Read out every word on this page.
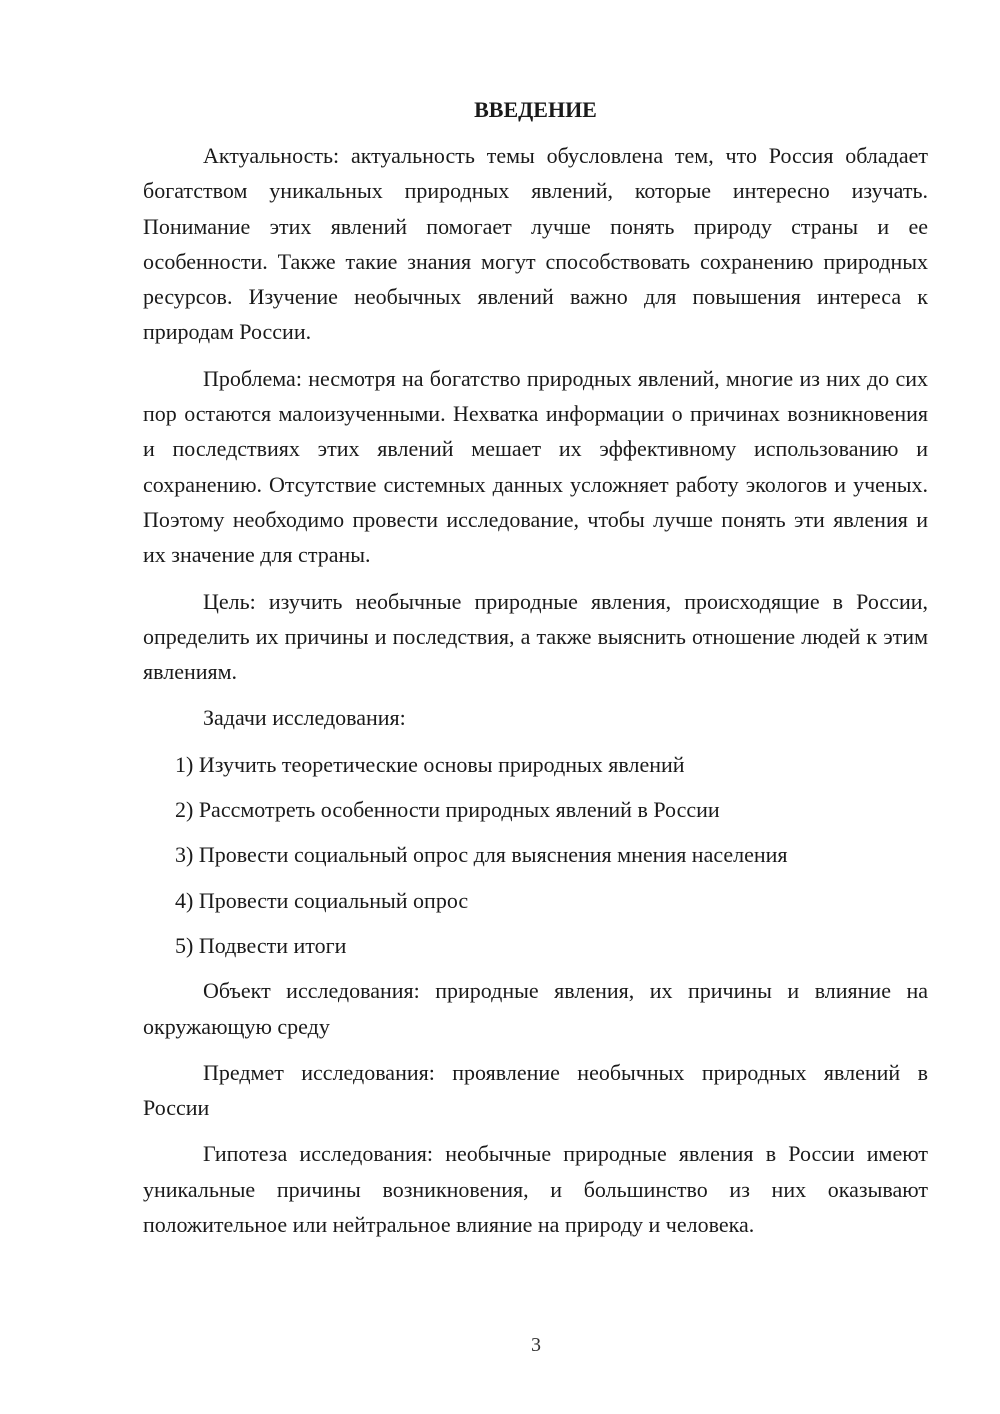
ВВЕДЕНИЕ

Актуальность: актуальность темы обусловлена тем, что Россия обладает богатством уникальных природных явлений, которые интересно изучать. Понимание этих явлений помогает лучше понять природу страны и ее особенности. Также такие знания могут способствовать сохранению природных ресурсов. Изучение необычных явлений важно для повышения интереса к природам России.

Проблема: несмотря на богатство природных явлений, многие из них до сих пор остаются малоизученными. Нехватка информации о причинах возникновения и последствиях этих явлений мешает их эффективному использованию и сохранению. Отсутствие системных данных усложняет работу экологов и ученых. Поэтому необходимо провести исследование, чтобы лучше понять эти явления и их значение для страны.

Цель: изучить необычные природные явления, происходящие в России, определить их причины и последствия, а также выяснить отношение людей к этим явлениям.

Задачи исследования:

1) Изучить теоретические основы природных явлений
2) Рассмотреть особенности природных явлений в России
3) Провести социальный опрос для выяснения мнения населения
4) Провести социальный опрос
5) Подвести итоги

Объект исследования: природные явления, их причины и влияние на окружающую среду

Предмет исследования: проявление необычных природных явлений в России

Гипотеза исследования: необычные природные явления в России имеют уникальные причины возникновения, и большинство из них оказывают положительное или нейтральное влияние на природу и человека.

3
